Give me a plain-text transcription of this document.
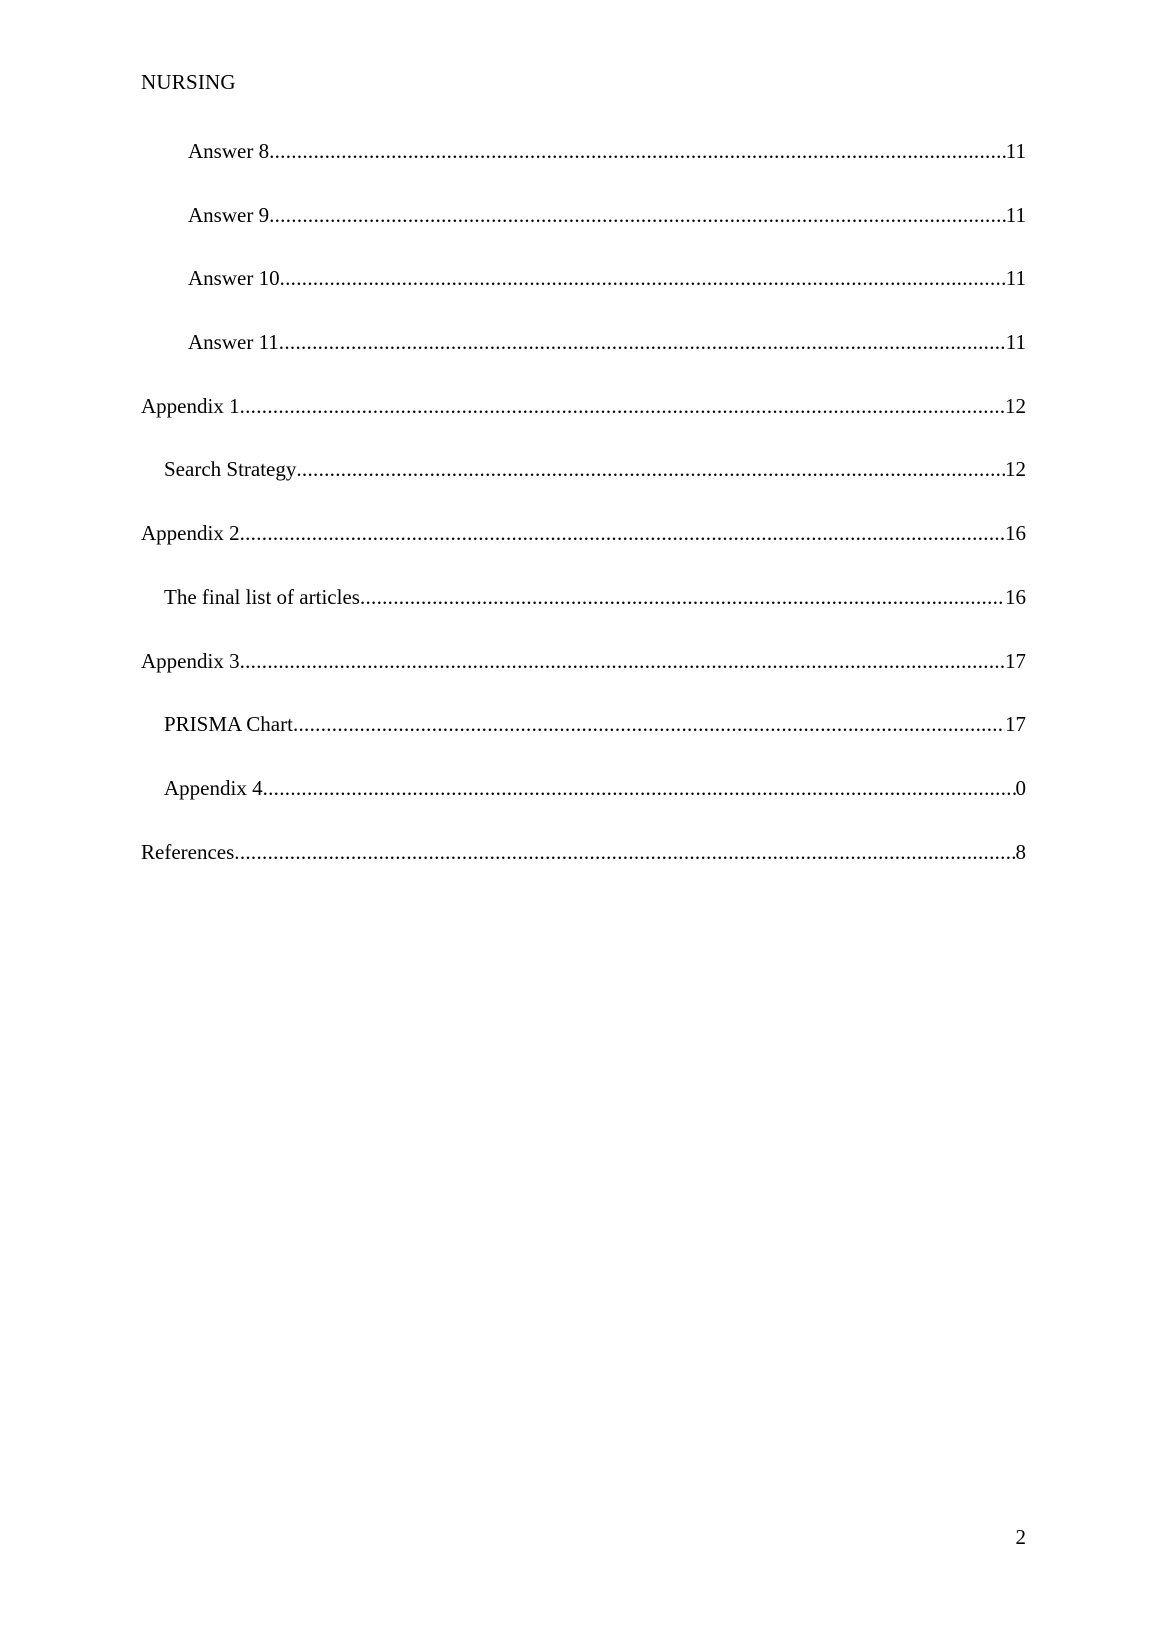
NURSING
Answer 8 .....	11
Answer 9 .....	11
Answer 10 .....	11
Answer 11 .....	11
Appendix 1 .....	12
Search Strategy .....	12
Appendix 2 .....	16
The final list of articles .....	16
Appendix 3 .....	17
PRISMA Chart .....	17
Appendix 4 .....	0
References .....	8
2
